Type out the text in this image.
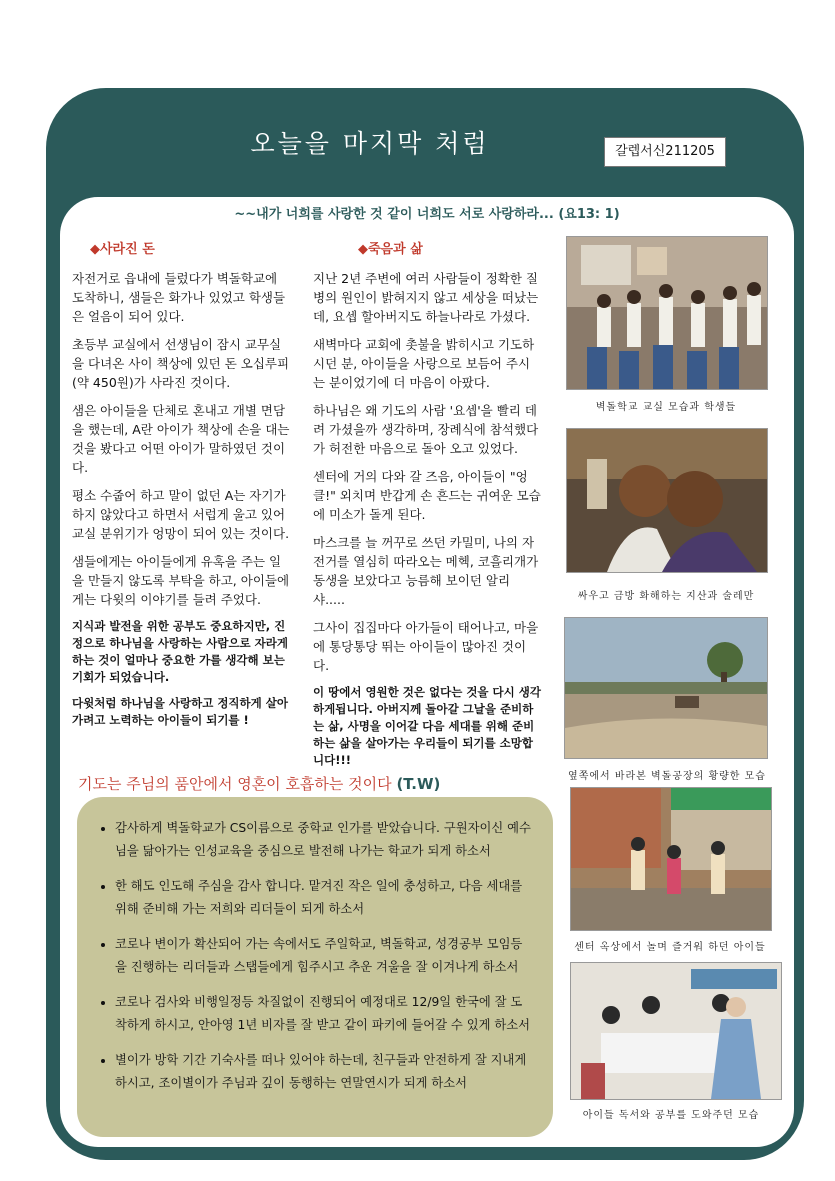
오늘을 마지막 처럼	갈렙서신211205
~~내가 너희를 사랑한 것 같이 너희도 서로 사랑하라... (요13: 1)
◆사라진 돈

자전거로 읍내에 들렀다가 벽돌학교에 도착하니, 샘들은 화가나 있었고 학생들은 얼음이 되어 있다.

초등부 교실에서 선생님이 잠시 교무실을 다녀온 사이 책상에 있던 돈 오십루피(약 450원)가 사라진 것이다.

샘은 아이들을 단체로 혼내고 개별 면담을 했는데, A란 아이가 책상에 손을 대는 것을 봤다고 어떤 아이가 말하였던 것이다.

평소 수줍어 하고 말이 없던 A는 자기가 하지 않았다고 하면서 서럽게 울고 있어 교실 분위기가 엉망이 되어 있는 것이다.

샘들에게는 아이들에게 유혹을 주는 일을 만들지 않도록 부탁을 하고, 아이들에게는 다윗의 이야기를 들려 주었다.

지식과 발전을 위한 공부도 중요하지만, 진정으로 하나님을 사랑하는 사람으로 자라게 하는 것이 얼마나 중요한 가를 생각해 보는 기회가 되었습니다.

다윗처럼 하나님을 사랑하고 정직하게 살아가려고 노력하는 아이들이 되기를 !

◆죽음과 삶

지난 2년 주변에 여러 사람들이 정확한 질병의 원인이 밝혀지지 않고 세상을 떠났는데, 요셉 할아버지도 하늘나라로 가셨다.

새벽마다 교회에 촛불을 밝히시고 기도하시던 분, 아이들을 사랑으로 보듬어 주시는 분이었기에 더 마음이 아팠다.

하나님은 왜 기도의 사람 '요셉'을 빨리 데려 가셨을까 생각하며, 장례식에 참석했다가 허전한 마음으로 돌아 오고 있었다.

센터에 거의 다와 갈 즈음, 아이들이 "엉클!" 외치며 반갑게 손 흔드는 귀여운 모습에 미소가 돌게 된다.

마스크를 늘 꺼꾸로 쓰던 카밀미, 나의 자전거를 열심히 따라오는 메헥, 코흘리개가 동생을 보았다고 능름해 보이던 알리샤.....

그사이 집집마다 아가들이 태어나고, 마을에 통당통당 뛰는 아이들이 많아진 것이다.

이 땅에서 영원한 것은 없다는 것을 다시 생각하게됩니다. 아버지께 돌아갈 그날을 준비하는 삶, 사명을 이어갈 다음 세대를 위해 준비하는 삶을 살아가는 우리들이 되기를 소망합니다!!!

벽돌학교 교실 모습과 학생들
싸우고 금방 화해하는 지산과 술레만
옆쪽에서 바라본 벽돌공장의 황량한 모습
센터 옥상에서 놀며 즐거워 하던 아이들
아이들 독서와 공부를 도와주던 모습
기도는 주님의 품안에서 영혼이 호흡하는 것이다 (T.W)
• 감사하게 벽돌학교가 CS이름으로 중학교 인가를 받았습니다. 구원자이신 예수님을 닮아가는 인성교육을 중심으로 발전해 나가는 학교가 되게 하소서
• 한 해도 인도해 주심을 감사 합니다. 맡겨진 작은 일에 충성하고, 다음 세대를 위해 준비해 가는 저희와 리더들이 되게 하소서
• 코로나 변이가 확산되어 가는 속에서도 주일학교, 벽돌학교, 성경공부 모임등을 진행하는 리더들과 스탭들에게 힘주시고 추운 겨울을 잘 이겨나게 하소서
• 코로나 검사와 비행일정등 차질없이 진행되어 예정대로 12/9일 한국에 잘 도착하게 하시고, 안아영 1년 비자를 잘 받고 같이 파키에 들어갈 수 있게 하소서
• 별이가 방학 기간 기숙사를 떠나 있어야 하는데, 친구들과 안전하게 잘 지내게 하시고, 조이별이가 주님과 깊이 동행하는 연말연시가 되게 하소서
